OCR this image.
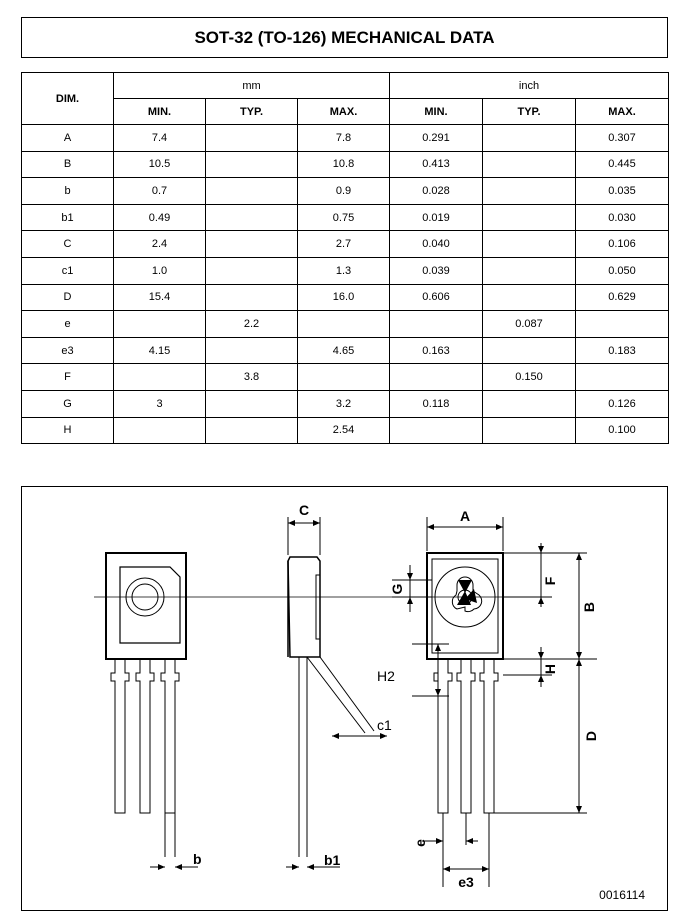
SOT-32 (TO-126) MECHANICAL DATA
DIM.	mm			inch		
	MIN.	TYP.	MAX.	MIN.	TYP.	MAX.
A	7.4		7.8	0.291		0.307
B	10.5		10.8	0.413		0.445
b	0.7		0.9	0.028		0.035
b1	0.49		0.75	0.019		0.030
C	2.4		2.7	0.040		0.106
c1	1.0		1.3	0.039		0.050
D	15.4		16.0	0.606		0.629
e		2.2			0.087	
e3	4.15		4.65	0.163		0.183
F		3.8			0.150	
G	3		3.2	0.118		0.126
H			2.54			0.100
C	A
F
B
H
D
G
b	b1
e
e3
H2
c1
0016114
